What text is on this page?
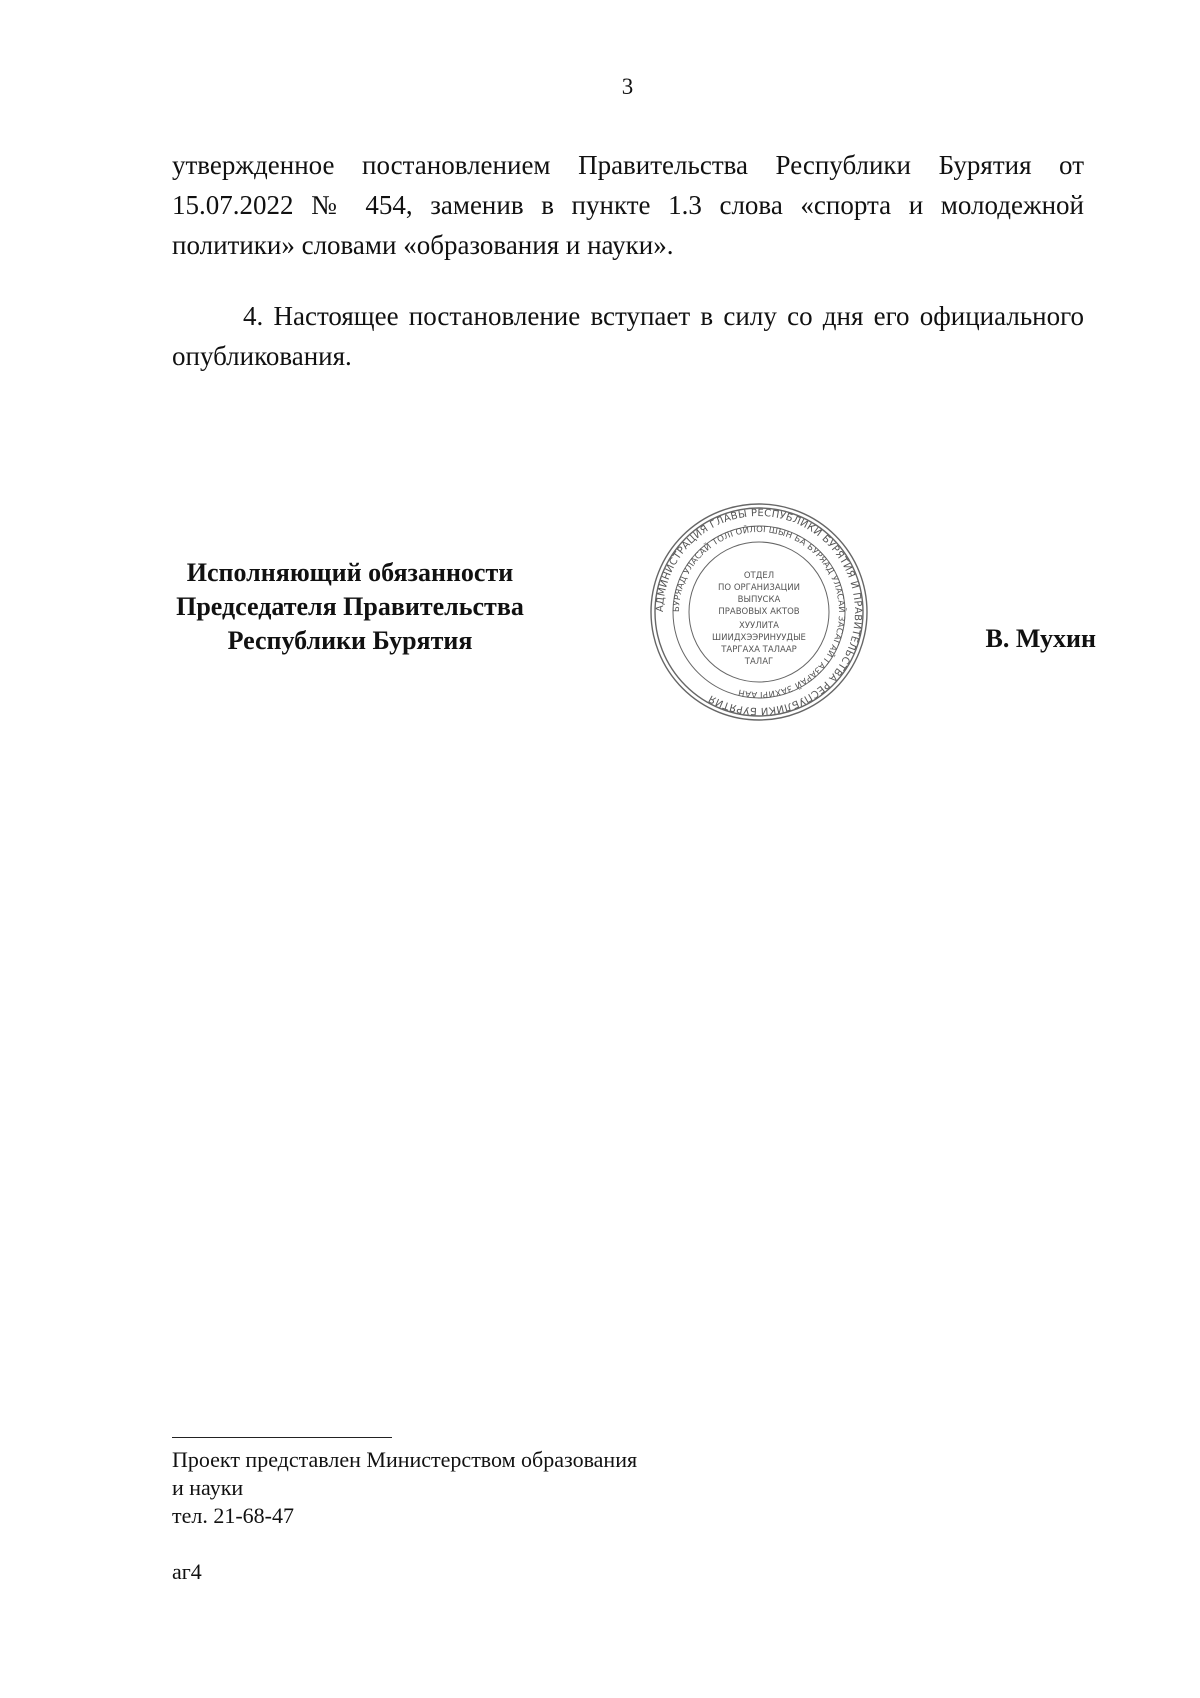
3

утвержденное постановлением Правительства Республики Бурятия от 15.07.2022 № 454, заменив в пункте 1.3 слова «спорта и молодежной политики» словами «образования и науки».

4. Настоящее постановление вступает в силу со дня его официального опубликования.

Исполняющий обязанности
Председателя Правительства
Республики Бурятия
АДМИНИСТРАЦИЯ ГЛАВЫ РЕСПУБЛИКИ БУРЯТИЯ И ПРАВИТЕЛЬСТВА РЕСПУБЛИКИ БУРЯТИЯ
БУРЯАД УЛАСАЙ ТОЛГОЙЛОГШЫН БА БУРЯАД УЛАСАЙ ЗАСАГАЙ ГАЗАРАЙ ЗАХИРГААН
ОТДЕЛ
ПО ОРГАНИЗАЦИИ
ВЫПУСКА
ПРАВОВЫХ АКТОВ
ХУУЛИТА
ШИИДХЭЭРИНУУДЫЕ
ТАРГАХА ТАЛААР
ТАЛАГ
В. Мухин
Проект представлен Министерством образования
и науки
тел. 21-68-47
аг4
